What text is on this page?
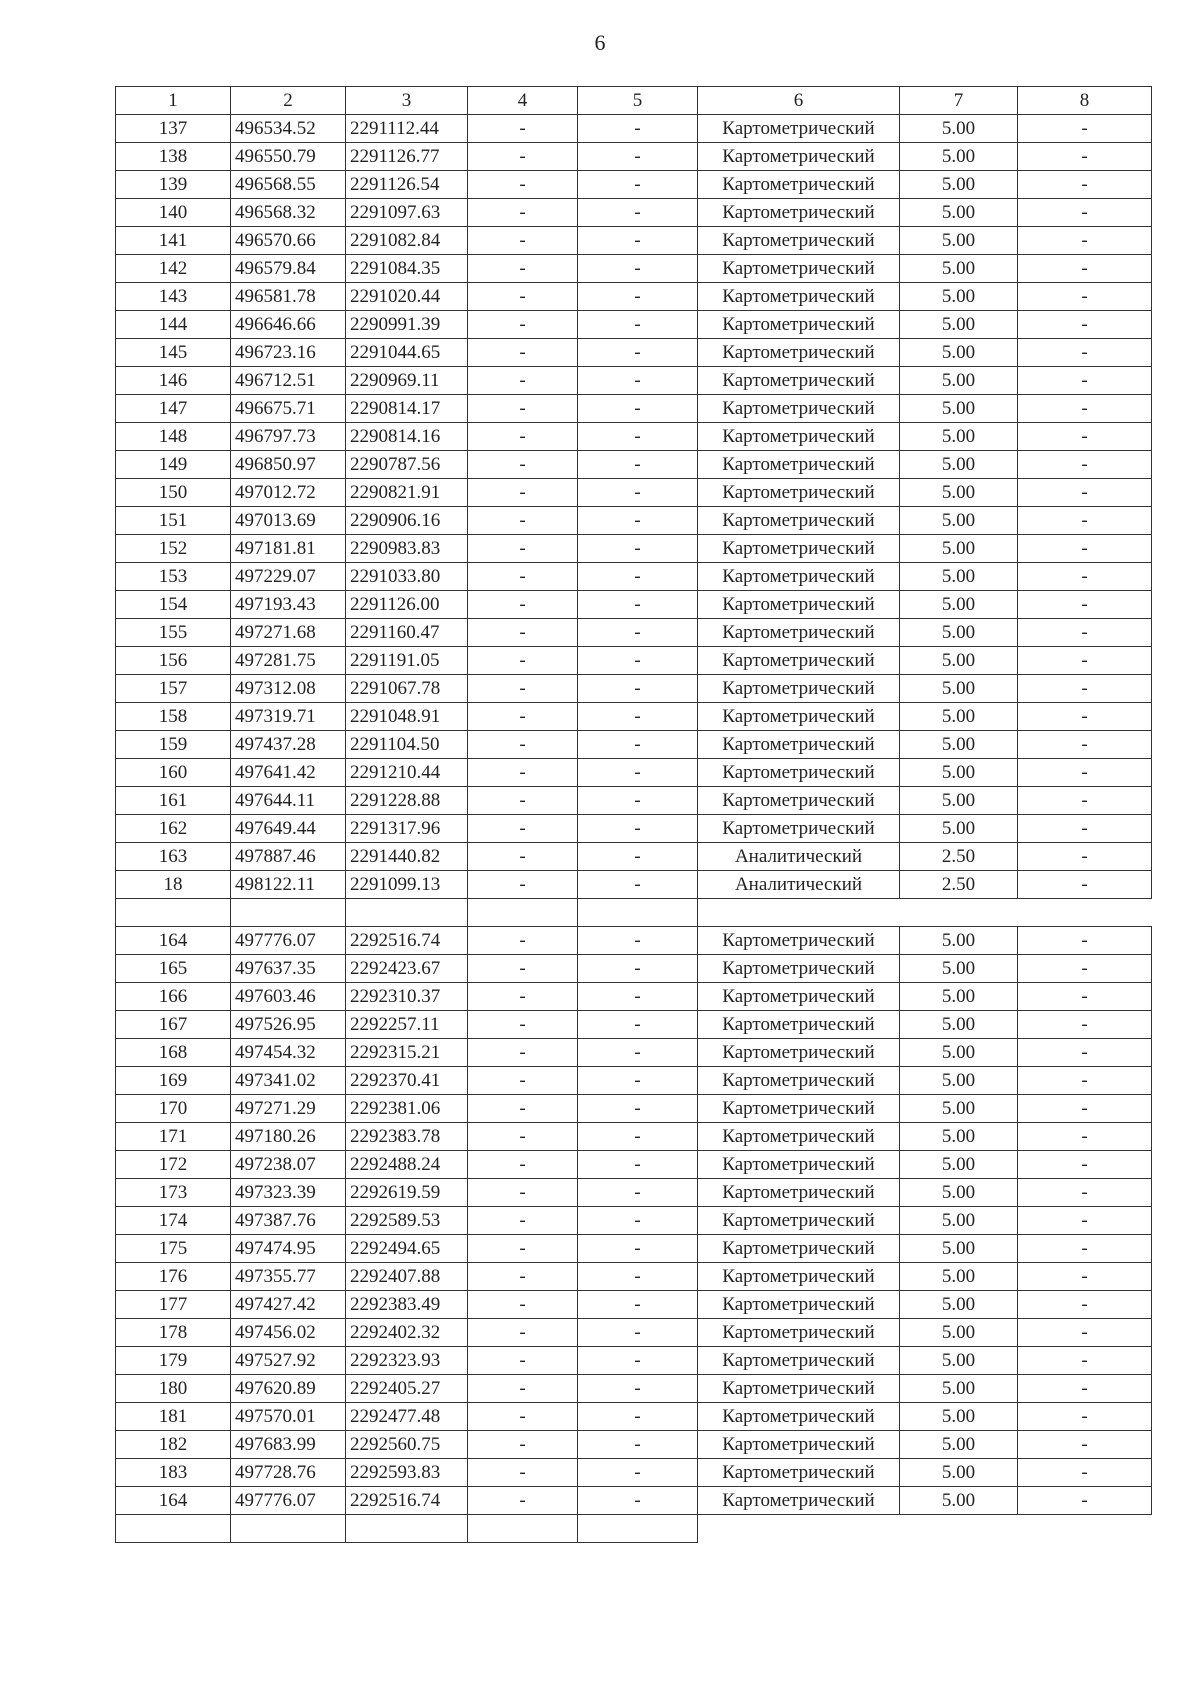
6
1	2	3	4	5	6	7	8
137	496534.52	2291112.44	-	-	Картометрический	5.00	-
138	496550.79	2291126.77	-	-	Картометрический	5.00	-
139	496568.55	2291126.54	-	-	Картометрический	5.00	-
140	496568.32	2291097.63	-	-	Картометрический	5.00	-
141	496570.66	2291082.84	-	-	Картометрический	5.00	-
142	496579.84	2291084.35	-	-	Картометрический	5.00	-
143	496581.78	2291020.44	-	-	Картометрический	5.00	-
144	496646.66	2290991.39	-	-	Картометрический	5.00	-
145	496723.16	2291044.65	-	-	Картометрический	5.00	-
146	496712.51	2290969.11	-	-	Картометрический	5.00	-
147	496675.71	2290814.17	-	-	Картометрический	5.00	-
148	496797.73	2290814.16	-	-	Картометрический	5.00	-
149	496850.97	2290787.56	-	-	Картометрический	5.00	-
150	497012.72	2290821.91	-	-	Картометрический	5.00	-
151	497013.69	2290906.16	-	-	Картометрический	5.00	-
152	497181.81	2290983.83	-	-	Картометрический	5.00	-
153	497229.07	2291033.80	-	-	Картометрический	5.00	-
154	497193.43	2291126.00	-	-	Картометрический	5.00	-
155	497271.68	2291160.47	-	-	Картометрический	5.00	-
156	497281.75	2291191.05	-	-	Картометрический	5.00	-
157	497312.08	2291067.78	-	-	Картометрический	5.00	-
158	497319.71	2291048.91	-	-	Картометрический	5.00	-
159	497437.28	2291104.50	-	-	Картометрический	5.00	-
160	497641.42	2291210.44	-	-	Картометрический	5.00	-
161	497644.11	2291228.88	-	-	Картометрический	5.00	-
162	497649.44	2291317.96	-	-	Картометрический	5.00	-
163	497887.46	2291440.82	-	-	Аналитический	2.50	-
18	498122.11	2291099.13	-	-	Аналитический	2.50	-

164	497776.07	2292516.74	-	-	Картометрический	5.00	-
165	497637.35	2292423.67	-	-	Картометрический	5.00	-
166	497603.46	2292310.37	-	-	Картометрический	5.00	-
167	497526.95	2292257.11	-	-	Картометрический	5.00	-
168	497454.32	2292315.21	-	-	Картометрический	5.00	-
169	497341.02	2292370.41	-	-	Картометрический	5.00	-
170	497271.29	2292381.06	-	-	Картометрический	5.00	-
171	497180.26	2292383.78	-	-	Картометрический	5.00	-
172	497238.07	2292488.24	-	-	Картометрический	5.00	-
173	497323.39	2292619.59	-	-	Картометрический	5.00	-
174	497387.76	2292589.53	-	-	Картометрический	5.00	-
175	497474.95	2292494.65	-	-	Картометрический	5.00	-
176	497355.77	2292407.88	-	-	Картометрический	5.00	-
177	497427.42	2292383.49	-	-	Картометрический	5.00	-
178	497456.02	2292402.32	-	-	Картометрический	5.00	-
179	497527.92	2292323.93	-	-	Картометрический	5.00	-
180	497620.89	2292405.27	-	-	Картометрический	5.00	-
181	497570.01	2292477.48	-	-	Картометрический	5.00	-
182	497683.99	2292560.75	-	-	Картометрический	5.00	-
183	497728.76	2292593.83	-	-	Картометрический	5.00	-
164	497776.07	2292516.74	-	-	Картометрический	5.00	-
